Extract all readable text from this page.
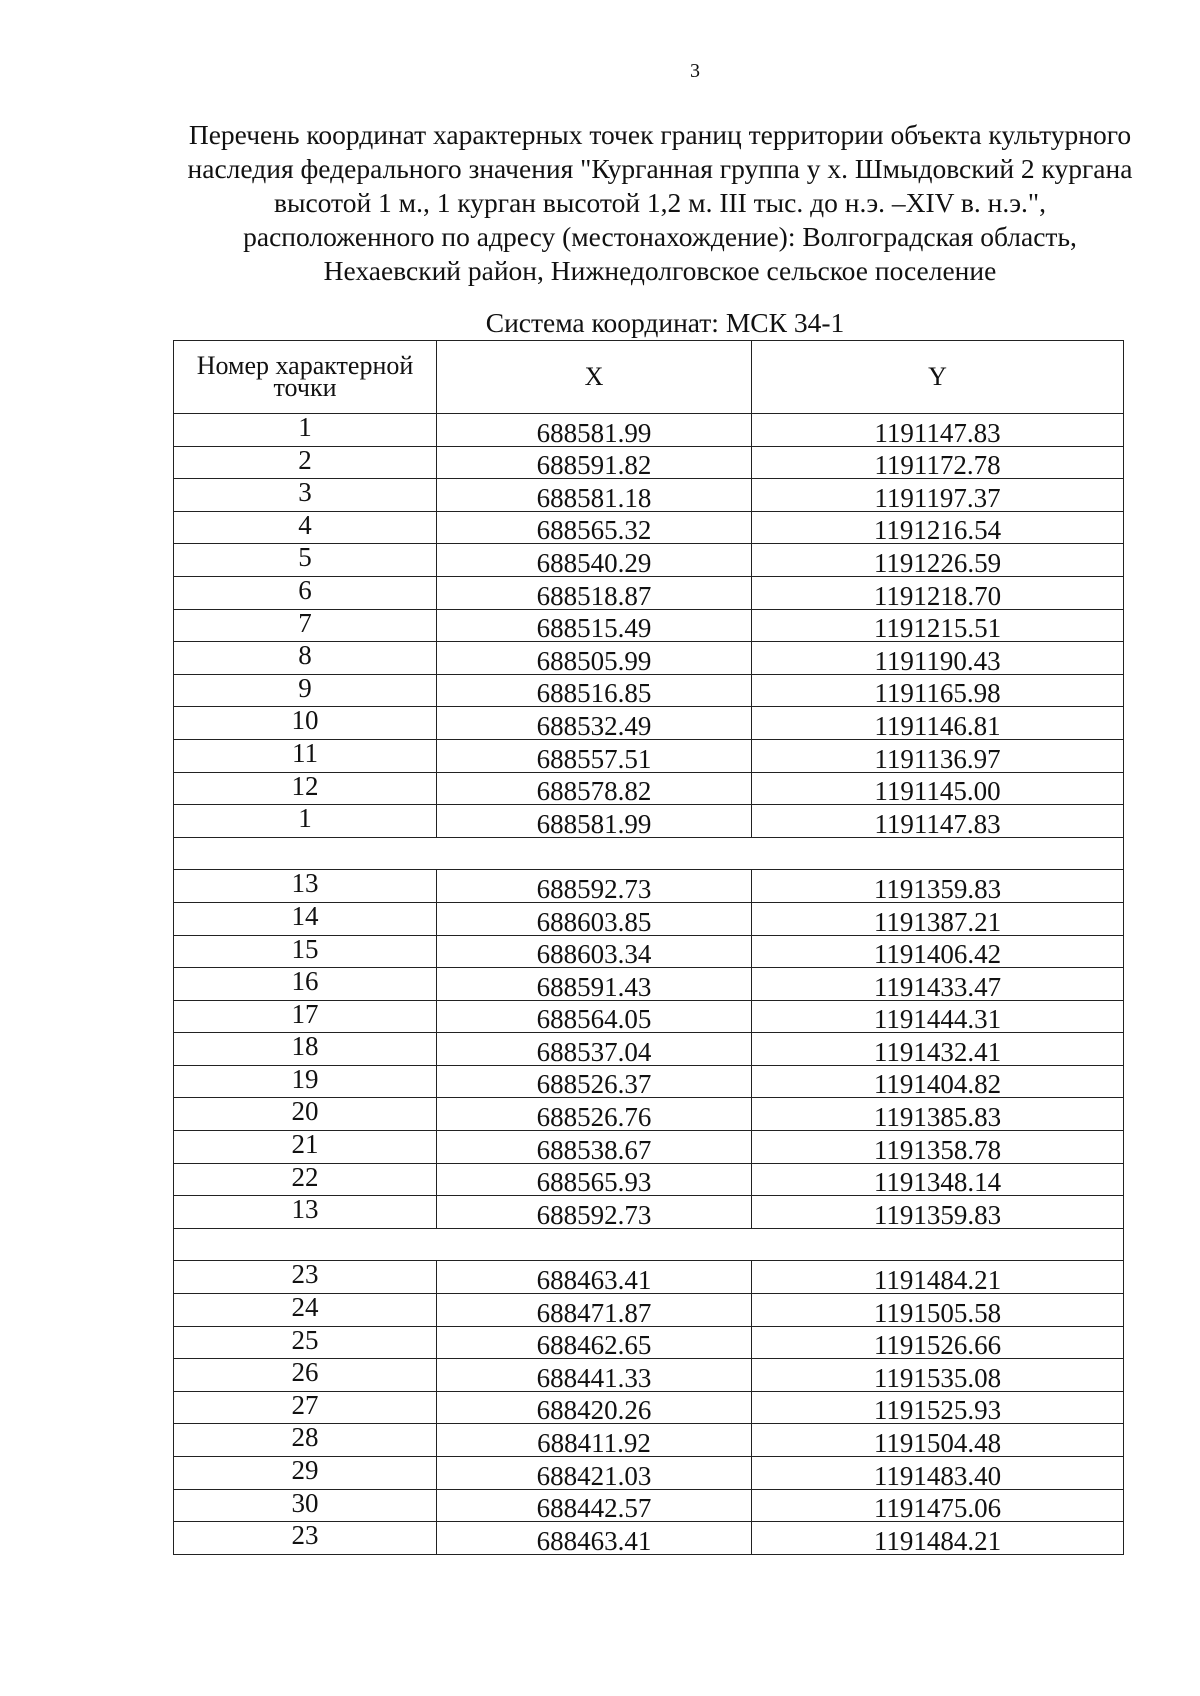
3
Перечень координат характерных точек границ территории объекта культурного
наследия федерального значения "Курганная группа у х. Шмыдовский 2 кургана
высотой 1 м., 1 курган высотой 1,2 м. III тыс. до н.э. –XIV в. н.э.",
расположенного по адресу (местонахождение): Волгоградская область,
Нехаевский район, Нижнедолговское сельское поселение
Система координат: МСК 34-1
Номер характерной точки	X	Y
1	688581.99	1191147.83
2	688591.82	1191172.78
3	688581.18	1191197.37
4	688565.32	1191216.54
5	688540.29	1191226.59
6	688518.87	1191218.70
7	688515.49	1191215.51
8	688505.99	1191190.43
9	688516.85	1191165.98
10	688532.49	1191146.81
11	688557.51	1191136.97
12	688578.82	1191145.00
1	688581.99	1191147.83

13	688592.73	1191359.83
14	688603.85	1191387.21
15	688603.34	1191406.42
16	688591.43	1191433.47
17	688564.05	1191444.31
18	688537.04	1191432.41
19	688526.37	1191404.82
20	688526.76	1191385.83
21	688538.67	1191358.78
22	688565.93	1191348.14
13	688592.73	1191359.83

23	688463.41	1191484.21
24	688471.87	1191505.58
25	688462.65	1191526.66
26	688441.33	1191535.08
27	688420.26	1191525.93
28	688411.92	1191504.48
29	688421.03	1191483.40
30	688442.57	1191475.06
23	688463.41	1191484.21
